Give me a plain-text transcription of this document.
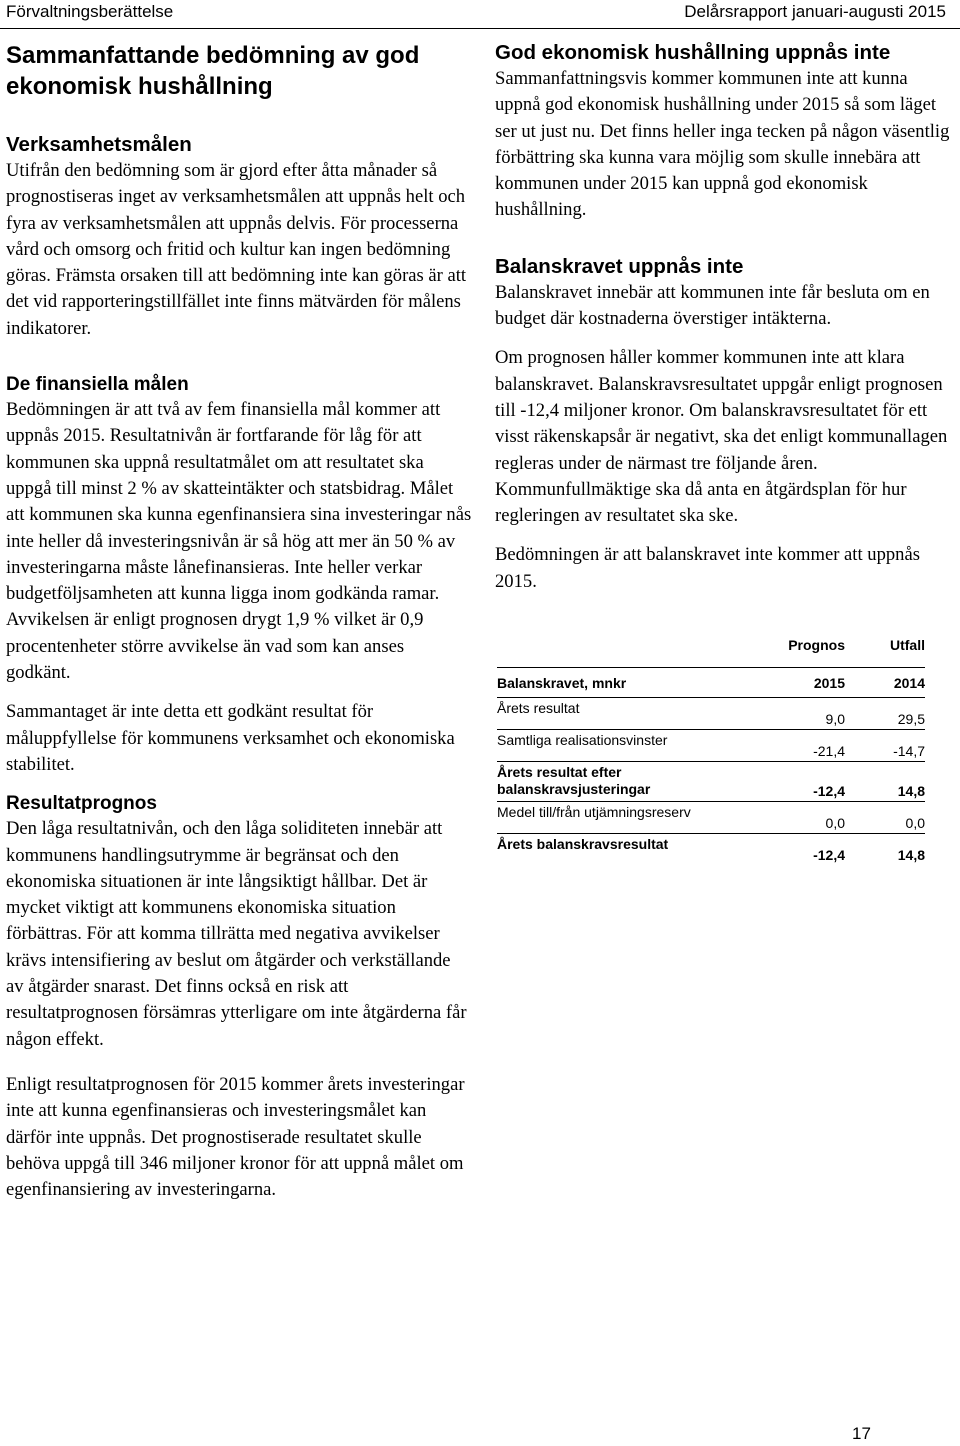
Förvaltningsberättelse	Delårsrapport januari-augusti 2015
Sammanfattande bedömning av god ekonomisk hushållning
Verksamhetsmålen

Utifrån den bedömning som är gjord efter åtta månader så prognostiseras inget av verksamhetsmålen att uppnås helt och fyra av verksamhetsmålen att uppnås delvis. För processerna vård och omsorg och fritid och kultur kan ingen bedömning göras. Främsta orsaken till att bedömning inte kan göras är att det vid rapporteringstillfället inte finns mätvärden för målens indikatorer.

De finansiella målen

Bedömningen är att två av fem finansiella mål kommer att uppnås 2015. Resultatnivån är fortfarande för låg för att kommunen ska uppnå resultatmålet om att resultatet ska uppgå till minst 2 % av skatteintäkter och statsbidrag. Målet att kommunen ska kunna egenfinansiera sina investeringar nås inte heller då investeringsnivån är så hög att mer än 50 % av investeringarna måste lånefinansieras. Inte heller verkar budgetföljsamheten att kunna ligga inom godkända ramar. Avvikelsen är enligt prognosen drygt 1,9 % vilket är 0,9 procentenheter större avvikelse än vad som kan anses godkänt.

Sammantaget är inte detta ett godkänt resultat för måluppfyllelse för kommunens verksamhet och ekonomiska stabilitet.

Resultatprognos

Den låga resultatnivån, och den låga soliditeten innebär att kommunens handlingsutrymme är begränsat och den ekonomiska situationen är inte långsiktigt hållbar. Det är mycket viktigt att kommunens ekonomiska situation förbättras. För att komma tillrätta med negativa avvikelser krävs intensifiering av beslut om åtgärder och verkställande av åtgärder snarast. Det finns också en risk att resultatprognosen försämras ytterligare om inte åtgärderna får någon effekt.

Enligt resultatprognosen för 2015 kommer årets investeringar inte att kunna egenfinansieras och investeringsmålet kan därför inte uppnås. Det prognostiserade resultatet skulle behöva uppgå till 346 miljoner kronor för att uppnå målet om egenfinansiering av investeringarna.

God ekonomisk hushållning uppnås inte

Sammanfattningsvis kommer kommunen inte att kunna uppnå god ekonomisk hushållning under 2015 så som läget ser ut just nu. Det finns heller inga tecken på någon väsentlig förbättring ska kunna vara möjlig som skulle innebära att kommunen under 2015 kan uppnå god ekonomisk hushållning.

Balanskravet uppnås inte

Balanskravet innebär att kommunen inte får besluta om en budget där kostnaderna överstiger intäkterna.

Om prognosen håller kommer kommunen inte att klara balanskravet. Balanskravsresultatet uppgår enligt prognosen till -12,4 miljoner kronor. Om balanskravsresultatet för ett visst räkenskapsår är negativt, ska det enligt kommunallagen regleras under de närmast tre följande åren.

Kommunfullmäktige ska då anta en åtgärdsplan för hur regleringen av resultatet ska ske.

Bedömningen är att balanskravet inte kommer att uppnås 2015.

	Prognos	Utfall

Balanskravet, mnkr	2015	2014
Årets resultat	9,0	29,5
Samtliga realisationsvinster	-21,4	-14,7
Årets resultat efter balanskravsjusteringar	-12,4	14,8
Medel till/från utjämningsreserv	0,0	0,0
Årets balanskravsresultat	-12,4	14,8
17
